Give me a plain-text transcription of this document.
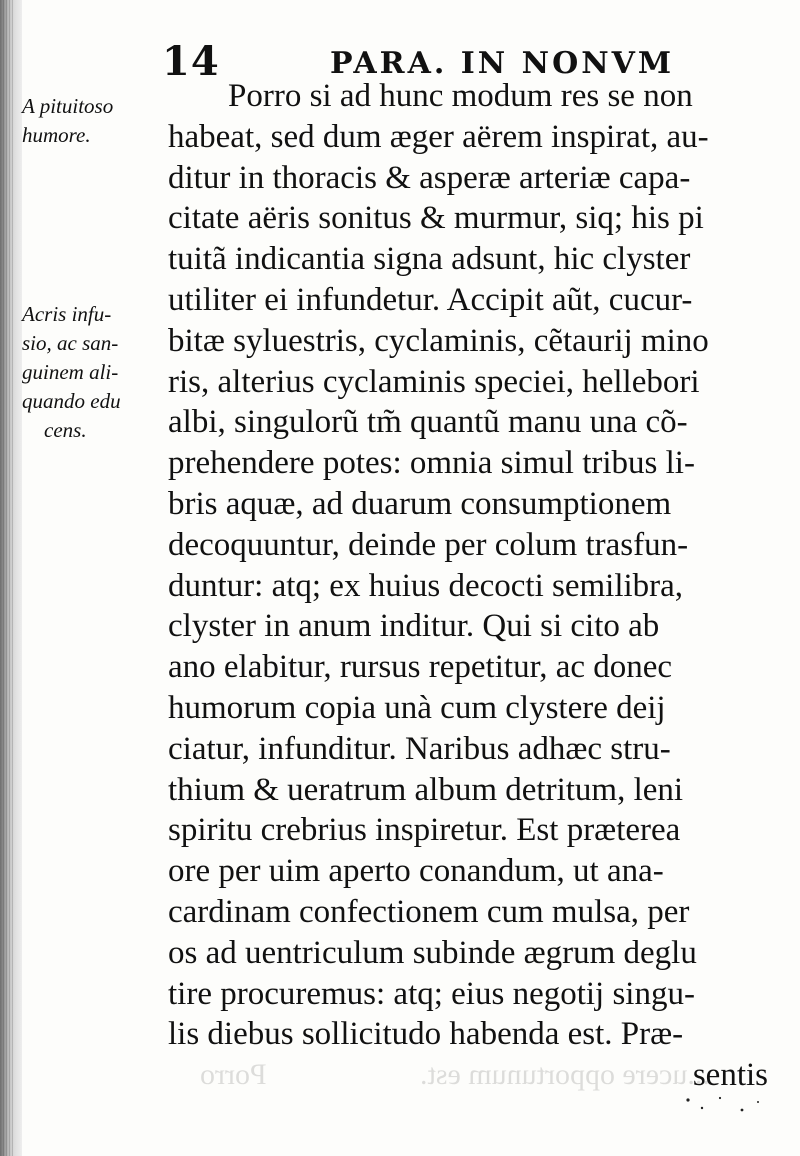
Porro	...ucere opportunum est.
14	PARA. IN NONVM
A pituitoso
humore.
Acris infu-
sio, ac san-
guinem ali-
quando edu
cens.
Porro si ad hunc modum res se non
habeat, sed dum æger aërem inspirat, au-
ditur in thoracis & asperæ arteriæ capa-
citate aëris sonitus & murmur, siq; his pi
tuitã indicantia signa adsunt, hic clyster
utiliter ei infundetur. Accipit aũt, cucur-
bitæ syluestris, cyclaminis, cẽtaurij mino
ris, alterius cyclaminis speciei, hellebori
albi, singulorũ tm̃ quantũ manu una cõ-
prehendere potes: omnia simul tribus li-
bris aquæ, ad duarum consumptionem
decoquuntur, deinde per colum trasfun-
duntur: atq; ex huius decocti semilibra,
clyster in anum inditur. Qui si cito ab
ano elabitur, rursus repetitur, ac donec
humorum copia unà cum clystere deij
ciatur, infunditur. Naribus adhæc stru-
thium & ueratrum album detritum, leni
spiritu crebrius inspiretur. Est præterea
ore per uim aperto conandum, ut ana-
cardinam confectionem cum mulsa, per
os ad uentriculum subinde ægrum deglu
tire procuremus: atq; eius negotij singu-
lis diebus sollicitudo habenda est. Præ-
sentis
